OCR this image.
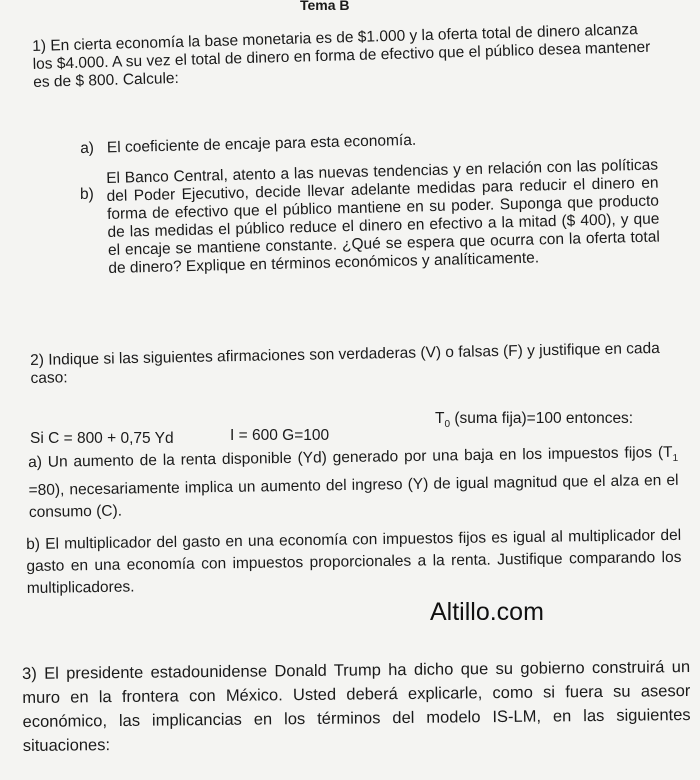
Tema B

1) En cierta economía la base monetaria es de $1.000 y la oferta total de dinero alcanza los $4.000. A su vez el total de dinero en forma de efectivo que el público desea mantener es de $ 800. Calcule:

a) El coeficiente de encaje para esta economía.

b)

El Banco Central, atento a las nuevas tendencias y en relación con las políticas del Poder Ejecutivo, decide llevar adelante medidas para reducir el dinero en forma de efectivo que el público mantiene en su poder. Suponga que producto de las medidas el público reduce el dinero en efectivo a la mitad ($ 400), y que el encaje se mantiene constante. ¿Qué se espera que ocurra con la oferta total de dinero? Explique en términos económicos y analíticamente.

2) Indique si las siguientes afirmaciones son verdaderas (V) o falsas (F) y justifique en cada caso:

Si C = 800 + 0,75 Yd	I = 600 G=100
$T_0$ (suma fija)=100 entonces:

a) Un aumento de la renta disponible (Yd) generado por una baja en los impuestos fijos $(T_1 =80)$, necesariamente implica un aumento del ingreso (Y) de igual magnitud que el alza en el consumo (C).

b) El multiplicador del gasto en una economía con impuestos fijos es igual al multiplicador del gasto en una economía con impuestos proporcionales a la renta. Justifique comparando los multiplicadores.

Altillo.com

3) El presidente estadounidense Donald Trump ha dicho que su gobierno construirá un muro en la frontera con México. Usted deberá explicarle, como si fuera su asesor económico, las implicancias en los términos del modelo IS-LM, en las siguientes situaciones:
